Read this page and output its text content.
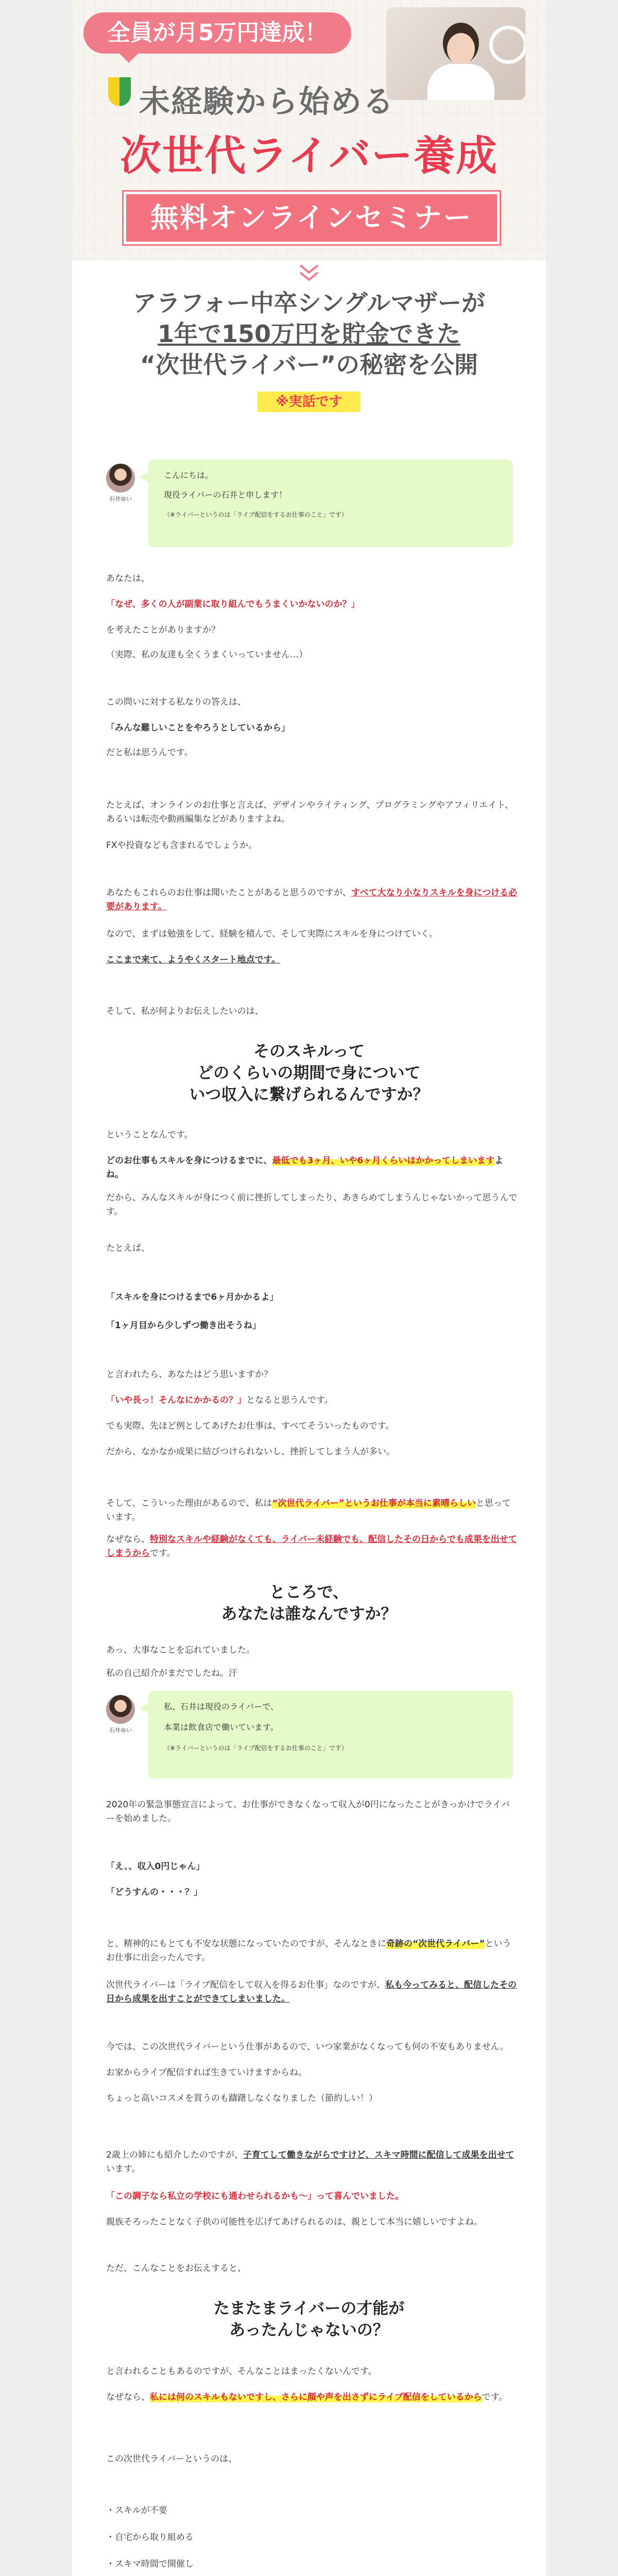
全員が月5万円達成！
未経験から始める
次世代ライバー養成
無料オンラインセミナー
アラフォー中卒シングルマザーが
1年で150万円を貯金できた
“次世代ライバー”の秘密を公開
※実話です
石井ゆい
こんにちは。
現役ライバーの石井と申します！
（※ライバーというのは「ライブ配信をするお仕事のこと」です）
あなたは、
「なぜ、多くの人が副業に取り組んでもうまくいかないのか？」
を考えたことがありますか？
（実際、私の友達も全くうまくいっていません…）
この問いに対する私なりの答えは、
「みんな難しいことをやろうとしているから」
だと私は思うんです。
たとえば、オンラインのお仕事と言えば、デザインやライティング、プログラミングやアフィリエイト、あるいは転売や動画編集などがありますよね。
FXや投資なども含まれるでしょうか。
あなたもこれらのお仕事は聞いたことがあると思うのですが、すべて大なり小なりスキルを身につける必要があります。
なので、まずは勉強をして、経験を積んで、そして実際にスキルを身につけていく。
ここまで来て、ようやくスタート地点です。
そして、私が何よりお伝えしたいのは、
そのスキルって
どのくらいの期間で身について
いつ収入に繋げられるんですか？
ということなんです。
どのお仕事もスキルを身につけるまでに、最低でも3ヶ月、いや6ヶ月くらいはかかってしまいますよね。
だから、みんなスキルが身につく前に挫折してしまったり、あきらめてしまうんじゃないかって思うんです。
たとえば、
「スキルを身につけるまで6ヶ月かかるよ」
「1ヶ月目から少しずつ働き出そうね」
と言われたら、あなたはどう思いますか？
「いや長っ！そんなにかかるの？」となると思うんです。
でも実際、先ほど例としてあげたお仕事は、すべてそういったものです。
だから、なかなか成果に結びつけられないし、挫折してしまう人が多い。
そして、こういった理由があるので、私は“次世代ライバー”というお仕事が本当に素晴らしいと思っています。
なぜなら、特別なスキルや経験がなくても、ライバー未経験でも、配信したその日からでも成果を出せてしまうからです。
ところで、
あなたは誰なんですか？
あっ、大事なことを忘れていました。
私の自己紹介がまだでしたね。汗
石井ゆい
私、石井は現役のライバーで、
本業は飲食店で働いています。
（※ライバーというのは「ライブ配信をするお仕事のこと」です）
2020年の緊急事態宣言によって、お仕事ができなくなって収入が0円になったことがきっかけでライバーを始めました。
「え、、収入0円じゃん」
「どうすんの・・・？」
と、精神的にもとても不安な状態になっていたのですが、そんなときに奇跡の“次世代ライバー”というお仕事に出会ったんです。
次世代ライバーは「ライブ配信をして収入を得るお仕事」なのですが、私も今ってみると、配信したその日から成果を出すことができてしまいました。
今では、この次世代ライバーという仕事があるので、いつ家業がなくなっても何の不安もありません。
お家からライブ配信すれば生きていけますからね。
ちょっと高いコスメを買うのも躊躇しなくなりました（節約しい！）
2歳上の姉にも紹介したのですが、子育てして働きながらですけど、スキマ時間に配信して成果を出せています。
「この調子なら私立の学校にも通わせられるかも〜」って喜んでいました。
親族そろったことなく子供の可能性を広げてあげられるのは、親として本当に嬉しいですよね。
ただ、こんなことをお伝えすると、
たまたまライバーの才能が
あったんじゃないの？
と言われることもあるのですが、そんなことはまったくないんです。
なぜなら、私には何のスキルもないですし、さらに顔や声を出さずにライブ配信をしているからです。
この次世代ライバーというのは、
・スキルが不要
・自宅から取り組める
・スキマ時間で開催し
